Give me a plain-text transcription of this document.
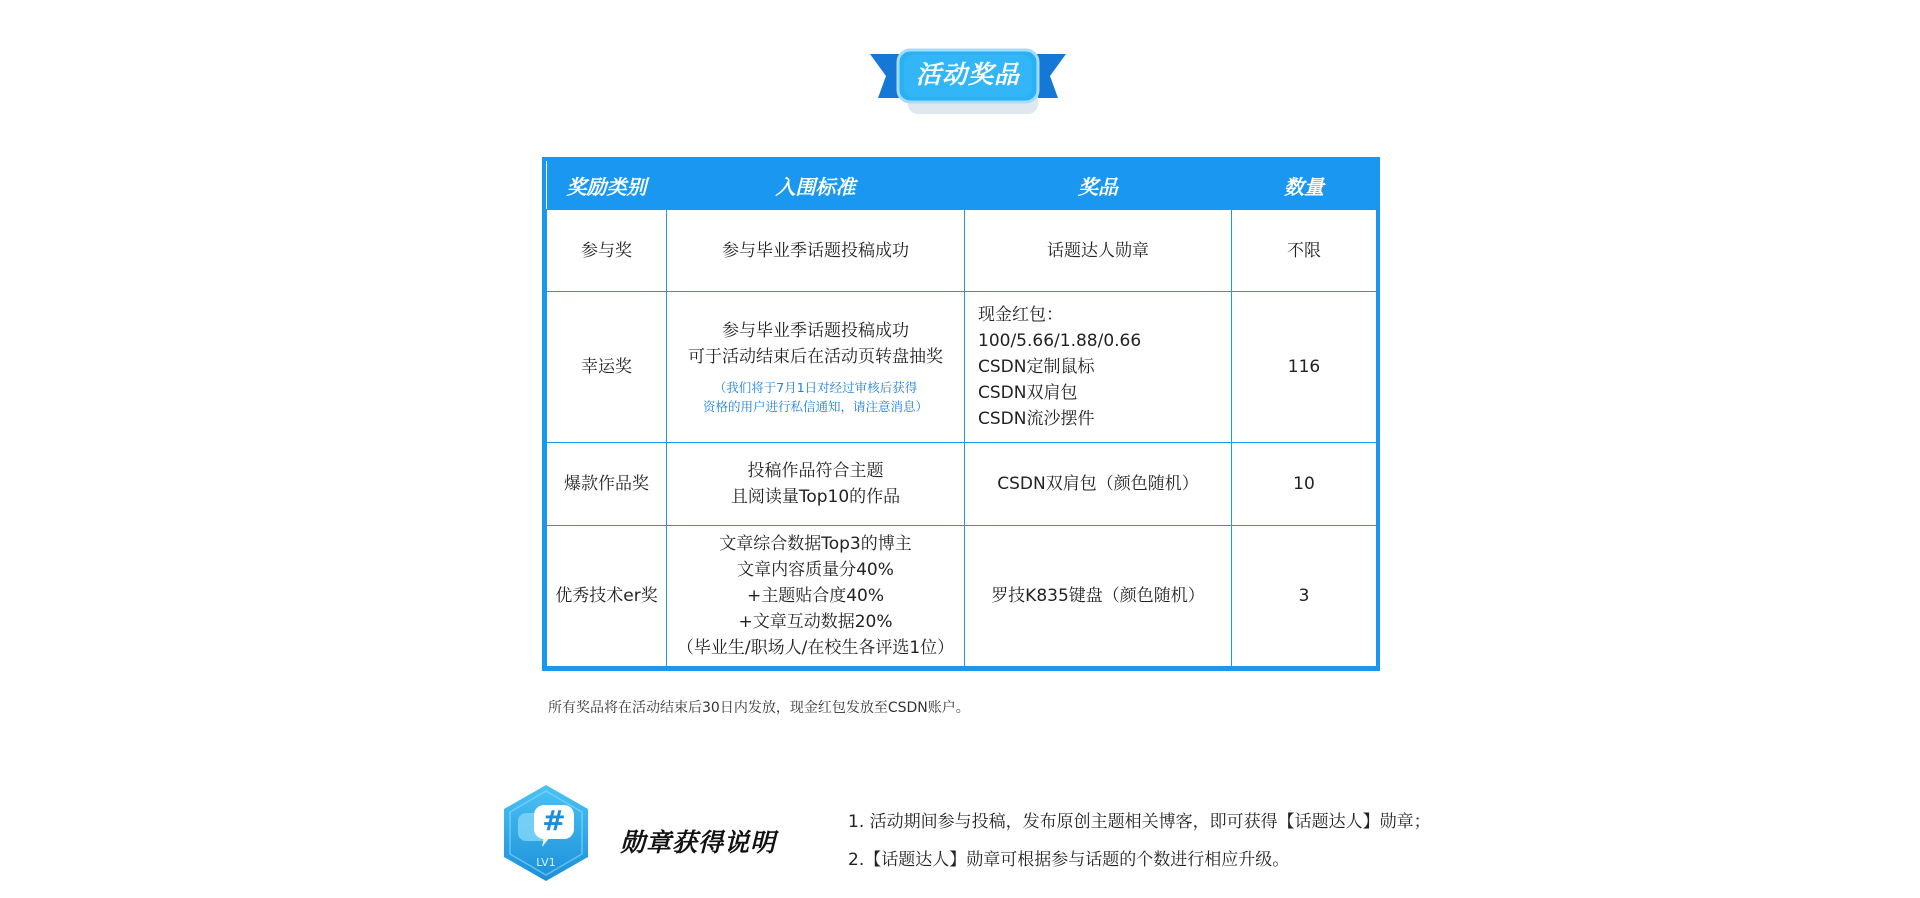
活动奖品
奖励类别	入围标准	奖品	数量
参与奖	参与毕业季话题投稿成功	话题达人勋章	不限
幸运奖	参与毕业季话题投稿成功
可于活动结束后在活动页转盘抽奖
（我们将于7月1日对经过审核后获得
资格的用户进行私信通知，请注意消息）	现金红包：
100/5.66/1.88/0.66
CSDN定制鼠标
CSDN双肩包
CSDN流沙摆件	116
爆款作品奖	投稿作品符合主题
且阅读量Top10的作品	CSDN双肩包（颜色随机）	10
优秀技术er奖	文章综合数据Top3的博主
文章内容质量分40%
+主题贴合度40%
+文章互动数据20%
（毕业生/职场人/在校生各评选1位）	罗技K835键盘（颜色随机）	3
所有奖品将在活动结束后30日内发放，现金红包发放至CSDN账户。
#
LV1
勋章获得说明
1. 活动期间参与投稿，发布原创主题相关博客，即可获得【话题达人】勋章；
2.【话题达人】勋章可根据参与话题的个数进行相应升级。
